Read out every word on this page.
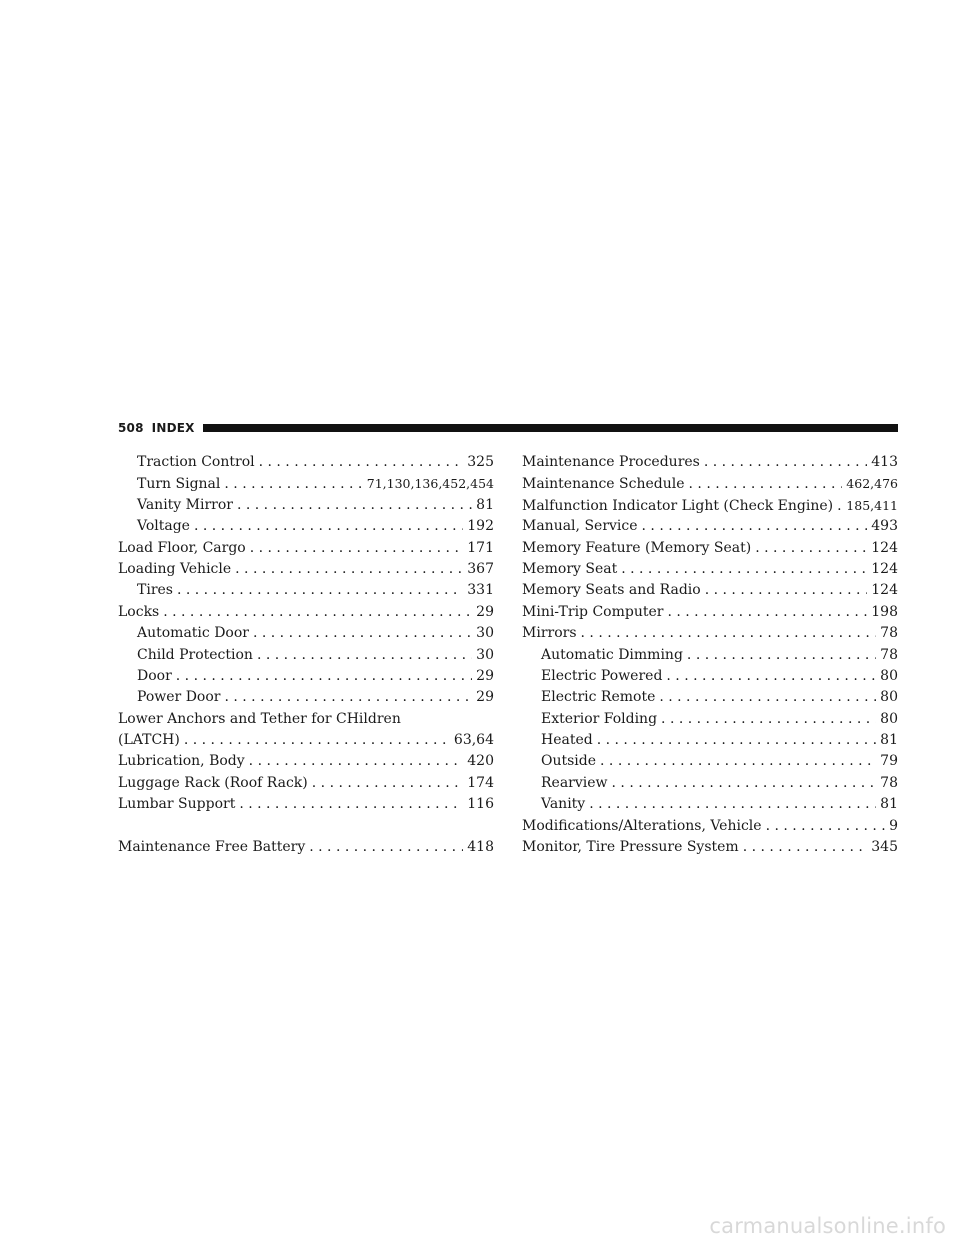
508 INDEX
Traction Control . . .	325
Turn Signal . . .	71,130,136,452,454
Vanity Mirror . . .	81
Voltage . . .	192
Load Floor, Cargo . . .	171
Loading Vehicle . . .	367
Tires . . .	331
Locks . . .	29
Automatic Door . . .	30
Child Protection . . .	30
Door . . .	29
Power Door . . .	29
Lower Anchors and Tether for CHildren
(LATCH) . . .	63,64
Lubrication, Body . . .	420
Luggage Rack (Roof Rack) . . .	174
Lumbar Support . . .	116
Maintenance Free Battery . . .	418
Maintenance Procedures . . .	413
Maintenance Schedule . . .	462,476
Malfunction Indicator Light (Check Engine) . . . 185,411
Manual, Service . . .	493
Memory Feature (Memory Seat) . . .	124
Memory Seat . . .	124
Memory Seats and Radio . . .	124
Mini-Trip Computer . . .	198
Mirrors . . .	78
Automatic Dimming . . .	78
Electric Powered . . .	80
Electric Remote . . .	80
Exterior Folding . . .	80
Heated . . .	81
Outside . . .	79
Rearview . . .	78
Vanity . . .	81
Modifications/Alterations, Vehicle . . .	9
Monitor, Tire Pressure System . . .	345
carmanualsonline.info
